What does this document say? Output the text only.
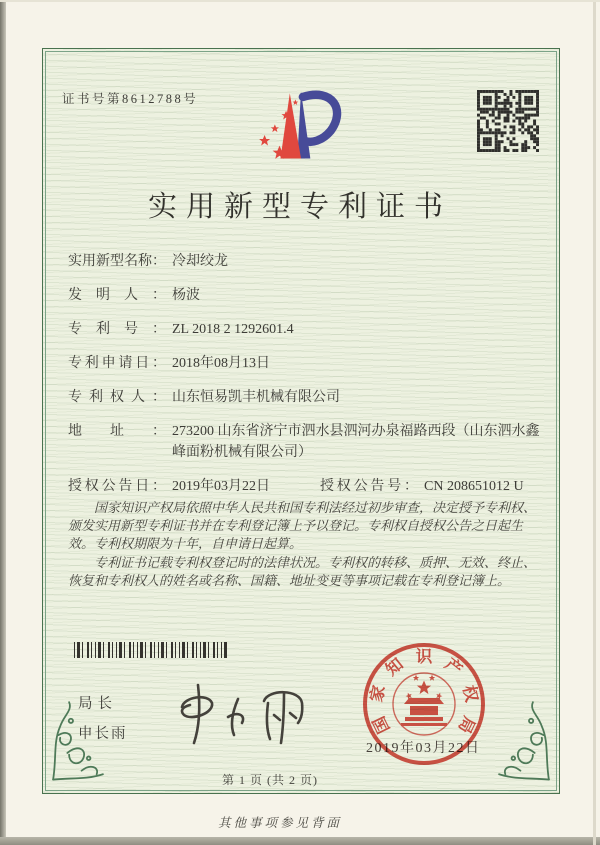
证书号第8612788号
实用新型专利证书
实用新型名称： 冷却绞龙
发明人： 杨波
专利号： ZL 2018 2 1292601.4
专利申请日： 2018年08月13日
专利权人： 山东恒易凯丰机械有限公司
地址： 273200 山东省济宁市泗水县泗河办泉福路西段（山东泗水鑫峰面粉机械有限公司）
授权公告日： 2019年03月22日	授权公告号： CN 208651012 U

国家知识产权局依照中华人民共和国专利法经过初步审查，决定授予专利权、颁发实用新型专利证书并在专利登记簿上予以登记。专利权自授权公告之日起生效。专利权期限为十年，自申请日起算。

专利证书记载专利权登记时的法律状况。专利权的转移、质押、无效、终止、恢复和专利权人的姓名或名称、国籍、地址变更等事项记载在专利登记簿上。

局长

申长雨

2019年03月22日
国
家
知 识 产
权
局
第 1 页 (共 2 页)
其他事项参见背面
